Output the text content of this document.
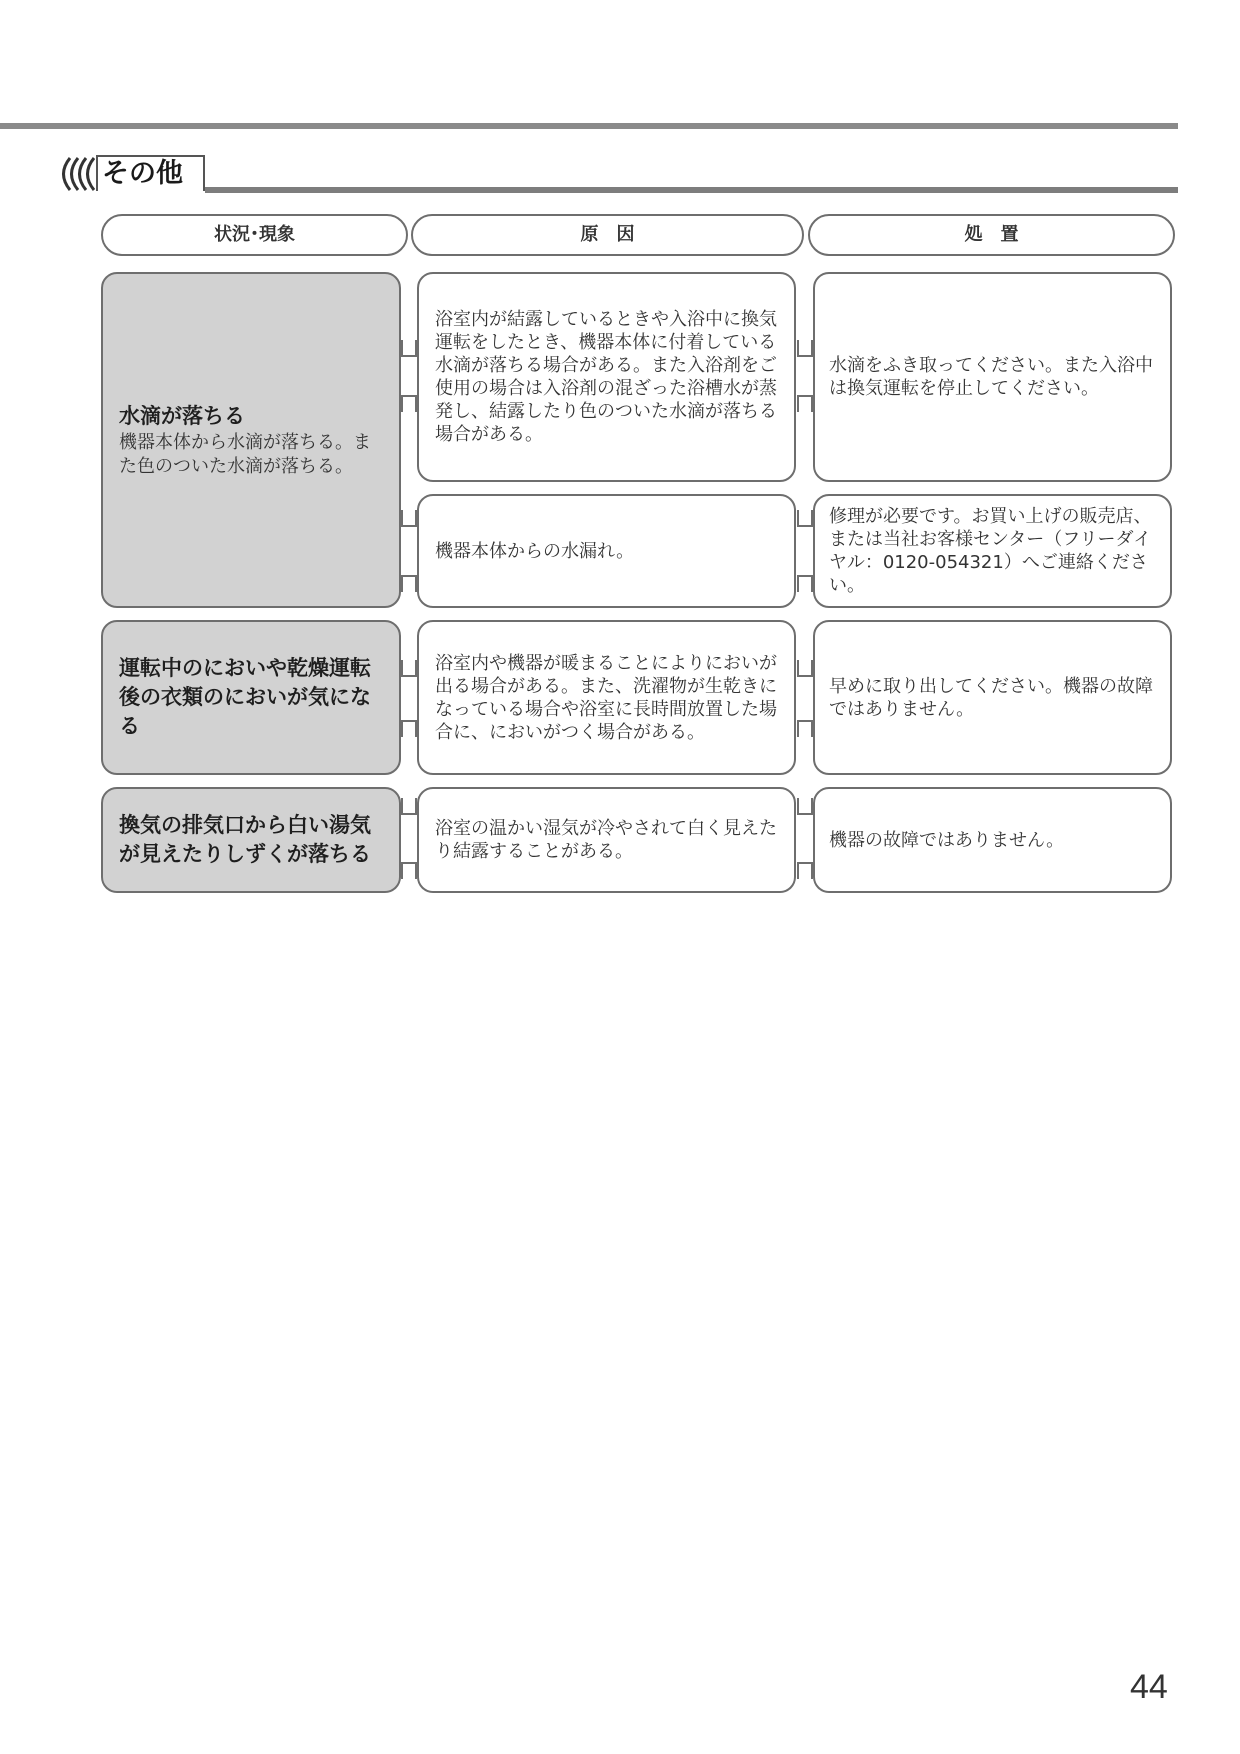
その他
状況･現象	原　因	処　置
水滴が落ちる
機器本体から水滴が落ちる。また色のついた水滴が落ちる。
浴室内が結露しているときや入浴中に換気運転をしたとき、機器本体に付着している水滴が落ちる場合がある。また入浴剤をご使用の場合は入浴剤の混ざった浴槽水が蒸発し、結露したり色のついた水滴が落ちる場合がある。
水滴をふき取ってください。また入浴中は換気運転を停止してください。
機器本体からの水漏れ。
修理が必要です。お買い上げの販売店、または当社お客様センター（フリーダイヤル：0120-054321）へご連絡ください。
運転中のにおいや乾燥運転後の衣類のにおいが気になる
浴室内や機器が暖まることによりにおいが出る場合がある。また、洗濯物が生乾きになっている場合や浴室に長時間放置した場合に、においがつく場合がある。
早めに取り出してください。機器の故障ではありません。
換気の排気口から白い湯気が見えたりしずくが落ちる
浴室の温かい湿気が冷やされて白く見えたり結露することがある。
機器の故障ではありません。
44
